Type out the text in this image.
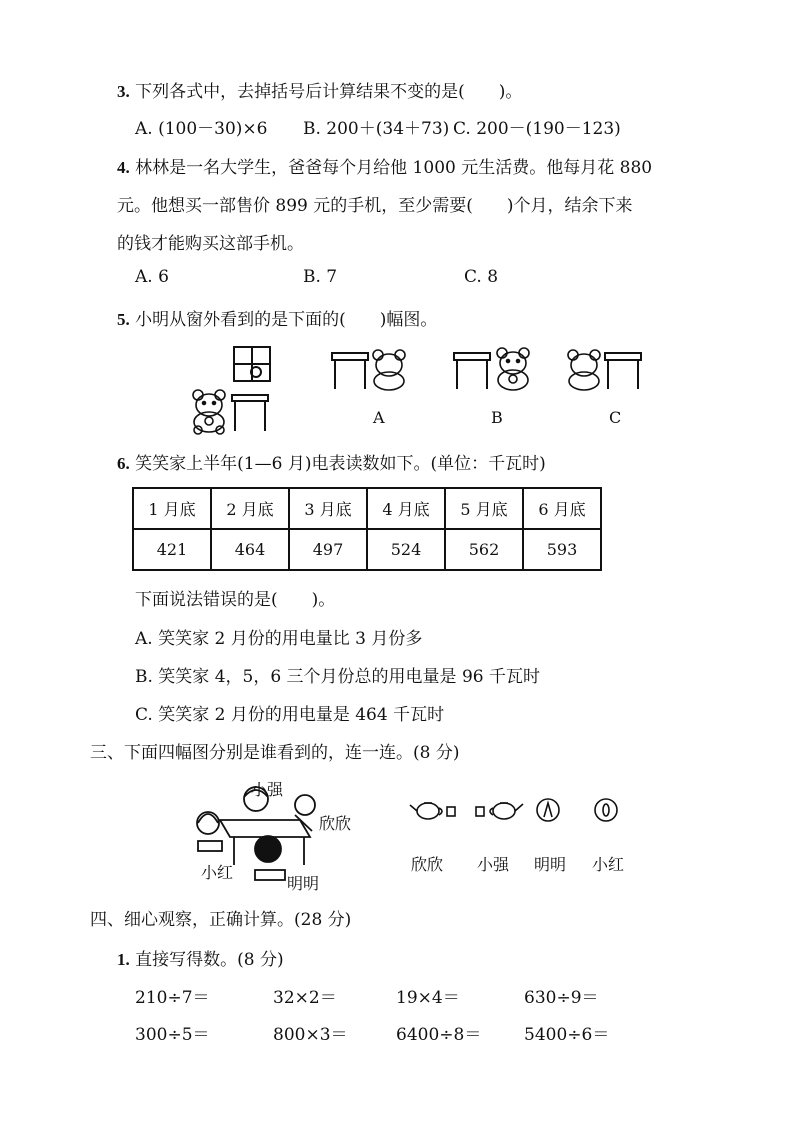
3. 下列各式中，去掉括号后计算结果不变的是(　　)。
A. (100－30)×6 B. 200＋(34＋73) C. 200－(190－123)
4. 林林是一名大学生，爸爸每个月给他 1000 元生活费。他每月花 880
元。他想买一部售价 899 元的手机，至少需要(　　)个月，结余下来
的钱才能购买这部手机。
A. 6	B. 7	C. 8
5. 小明从窗外看到的是下面的(　　)幅图。
A	B	C
6. 笑笑家上半年(1—6 月)电表读数如下。(单位：千瓦时)
1 月底	2 月底	3 月底	4 月底	5 月底	6 月底
421	464	497	524	562	593
下面说法错误的是(　　)。
A. 笑笑家 2 月份的用电量比 3 月份多
B. 笑笑家 4，5，6 三个月份总的用电量是 96 千瓦时
C. 笑笑家 2 月份的用电量是 464 千瓦时
三、下面四幅图分别是谁看到的，连一连。(8 分)
小强
欣欣
小红
明明
欣欣 小强 明明 小红
四、细心观察，正确计算。(28 分)
1. 直接写得数。(8 分)
210÷7＝	32×2＝	19×4＝	630÷9＝
300÷5＝	800×3＝	6400÷8＝	5400÷6＝
